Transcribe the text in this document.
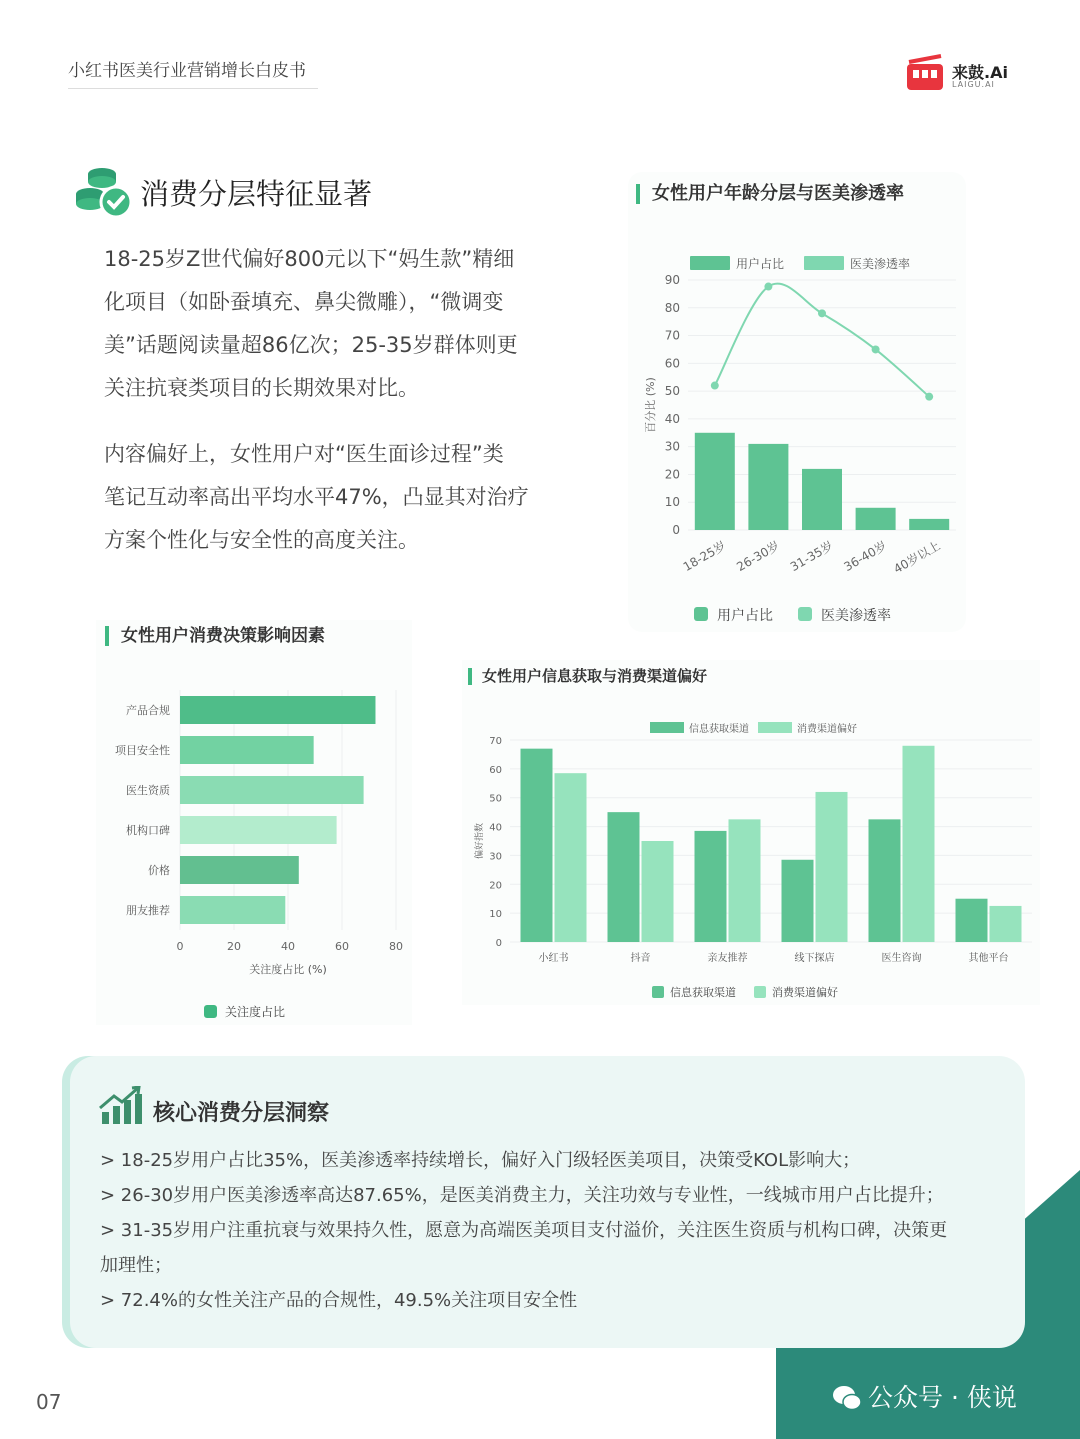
小红书医美行业营销增长白皮书	来鼓.Ai
LAIGU.AI
消费分层特征显著
18-25岁Z世代偏好800元以下“妈生款”精细
化项目（如卧蚕填充、鼻尖微雕），“微调变
美”话题阅读量超86亿次；25-35岁群体则更
关注抗衰类项目的长期效果对比。
内容偏好上，女性用户对“医生面诊过程”类
笔记互动率高出平均水平47%，凸显其对治疗
方案个性化与安全性的高度关注。
女性用户年龄分层与医美渗透率
用户占比	医美渗透率
0
10
20
30
40
50
60
70
80
90
百分比 (%)
18-25岁 26-30岁 31-35岁 36-40岁 40岁以上
用户占比	医美渗透率
女性用户消费决策影响因素
0	20	40	60	80
产品合规
项目安全性
医生资质
机构口碑
价格
朋友推荐
关注度占比 (%)
关注度占比
女性用户信息获取与消费渠道偏好
信息获取渠道	消费渠道偏好
0
10
20
30
40
50
60
70
偏好指数
小红书	抖音	亲友推荐	线下探店	医生咨询	其他平台
信息获取渠道	消费渠道偏好
核心消费分层洞察
> 18-25岁用户占比35%，医美渗透率持续增长，偏好入门级轻医美项目，决策受KOL影响大；
> 26-30岁用户医美渗透率高达87.65%，是医美消费主力，关注功效与专业性，一线城市用户占比提升；
> 31-35岁用户注重抗衰与效果持久性，愿意为高端医美项目支付溢价，关注医生资质与机构口碑，决策更
加理性；
> 72.4%的女性关注产品的合规性，49.5%关注项目安全性
07	公众号 · 侠说
